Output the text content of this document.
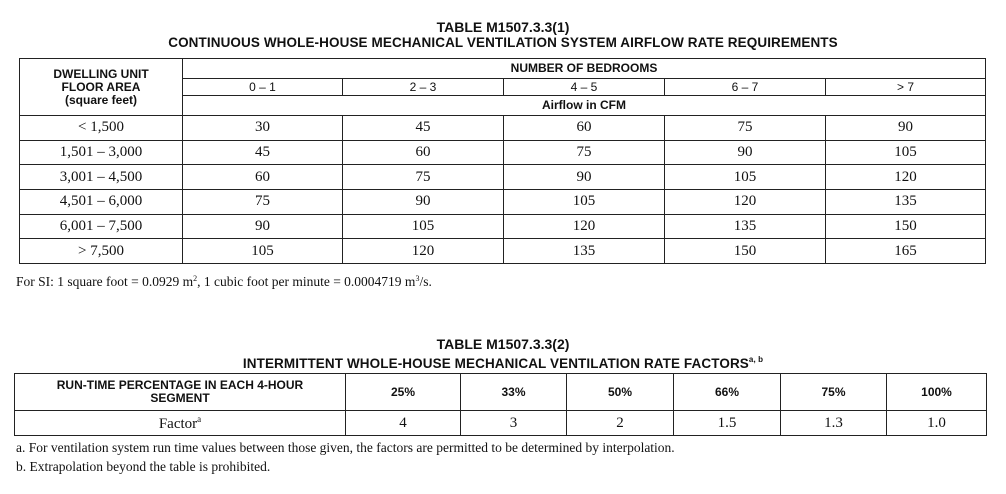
TABLE M1507.3.3(1)
CONTINUOUS WHOLE-HOUSE MECHANICAL VENTILATION SYSTEM AIRFLOW RATE REQUIREMENTS
DWELLING UNIT
FLOOR AREA
(square feet)	NUMBER OF BEDROOMS				
	0 – 1	2 – 3	4 – 5	6 – 7	> 7
	Airflow in CFM				
< 1,500	30	45	60	75	90
1,501 – 3,000	45	60	75	90	105
3,001 – 4,500	60	75	90	105	120
4,501 – 6,000	75	90	105	120	135
6,001 – 7,500	90	105	120	135	150
> 7,500	105	120	135	150	165
For SI: 1 square foot = 0.0929 $m^2$, 1 cubic foot per minute = 0.0004719 $m^3/s$.
TABLE M1507.3.3(2)
INTERMITTENT WHOLE-HOUSE MECHANICAL VENTILATION RATE FACTORS$^{a, b}$
RUN-TIME PERCENTAGE IN EACH 4-HOUR SEGMENT	25%	33%	50%	66%	75%	100%
Factor$^a$	4	3	2	1.5	1.3	1.0
a. For ventilation system run time values between those given, the factors are permitted to be determined by interpolation.
b. Extrapolation beyond the table is prohibited.
